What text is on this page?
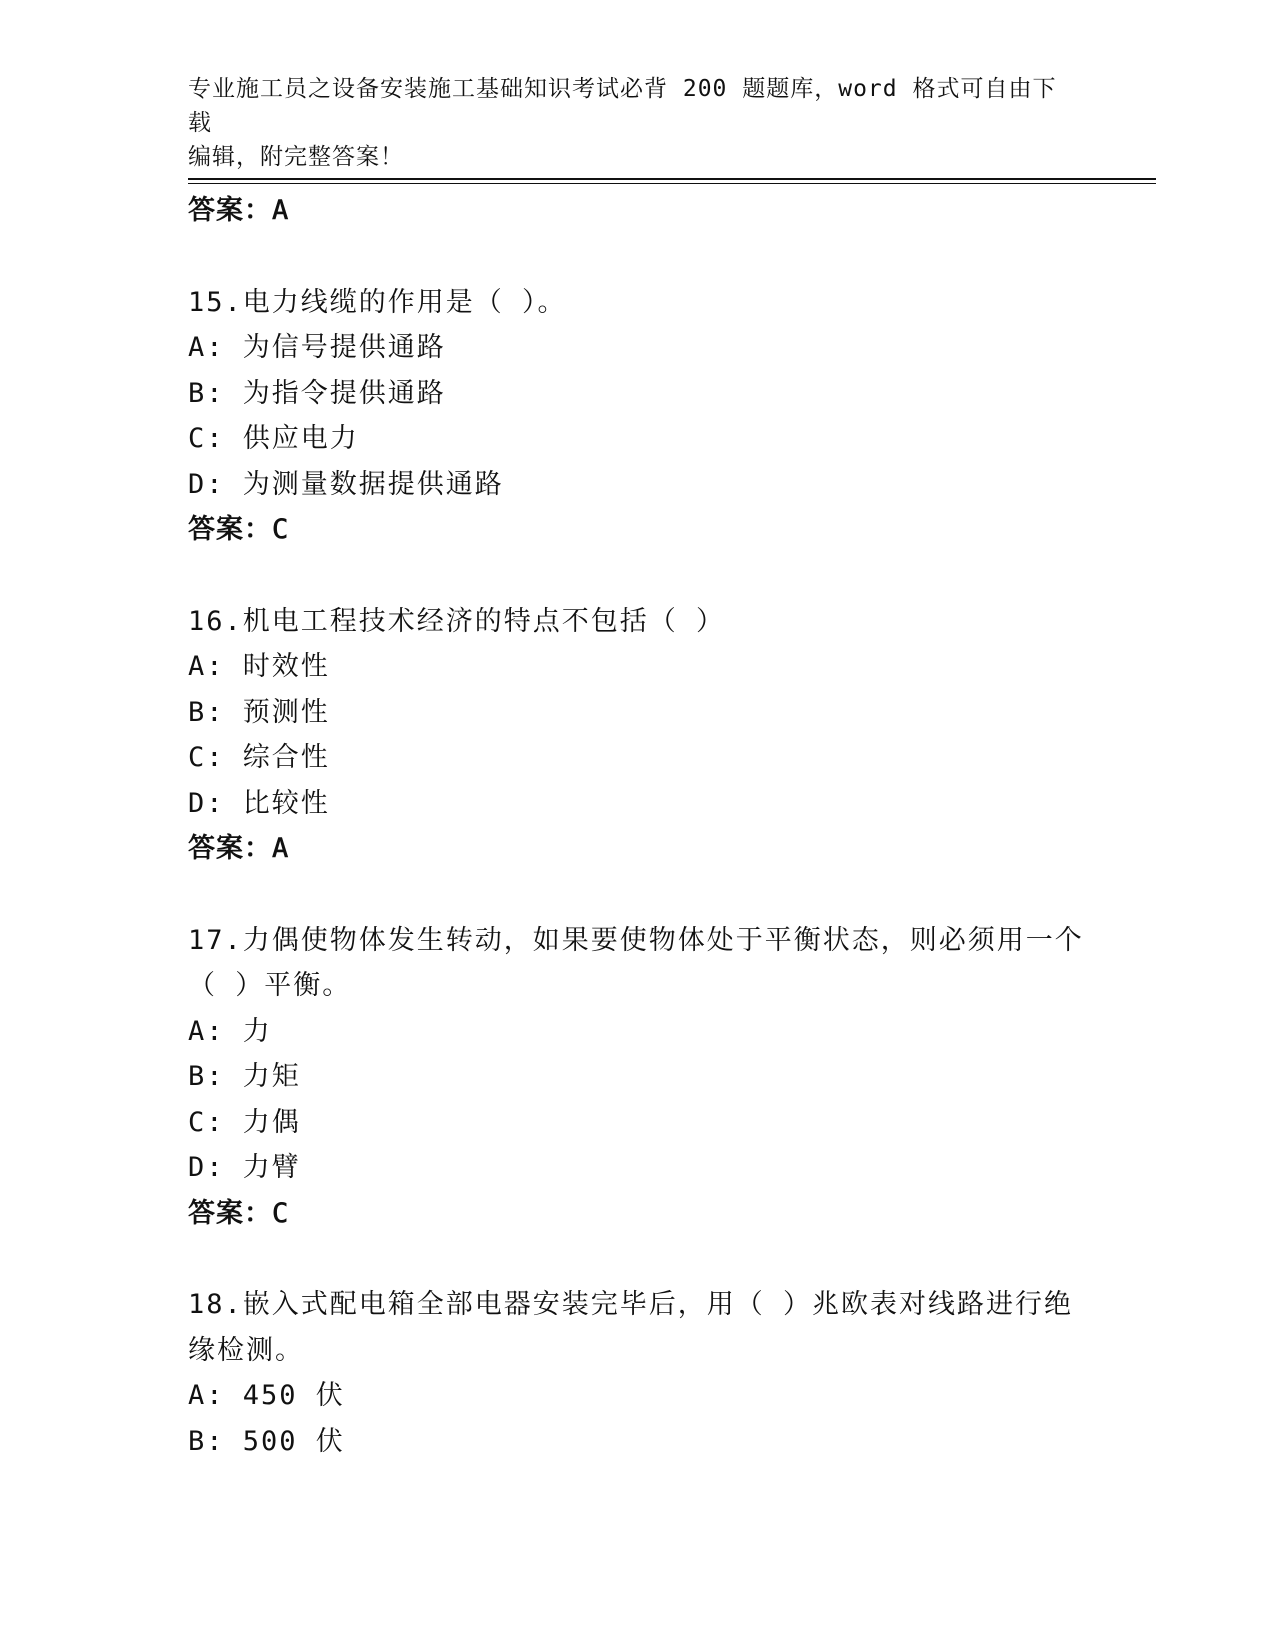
专业施工员之设备安装施工基础知识考试必背 200 题题库，word 格式可自由下载
编辑，附完整答案！
答案：A
15.电力线缆的作用是（ ）。
A: 为信号提供通路
B: 为指令提供通路
C: 供应电力
D: 为测量数据提供通路
答案：C
16.机电工程技术经济的特点不包括（ ）
A: 时效性
B: 预测性
C: 综合性
D: 比较性
答案：A
17.力偶使物体发生转动，如果要使物体处于平衡状态，则必须用一个
（ ）平衡。
A: 力
B: 力矩
C: 力偶
D: 力臂
答案：C
18.嵌入式配电箱全部电器安装完毕后，用（ ）兆欧表对线路进行绝
缘检测。
A: 450 伏
B: 500 伏
